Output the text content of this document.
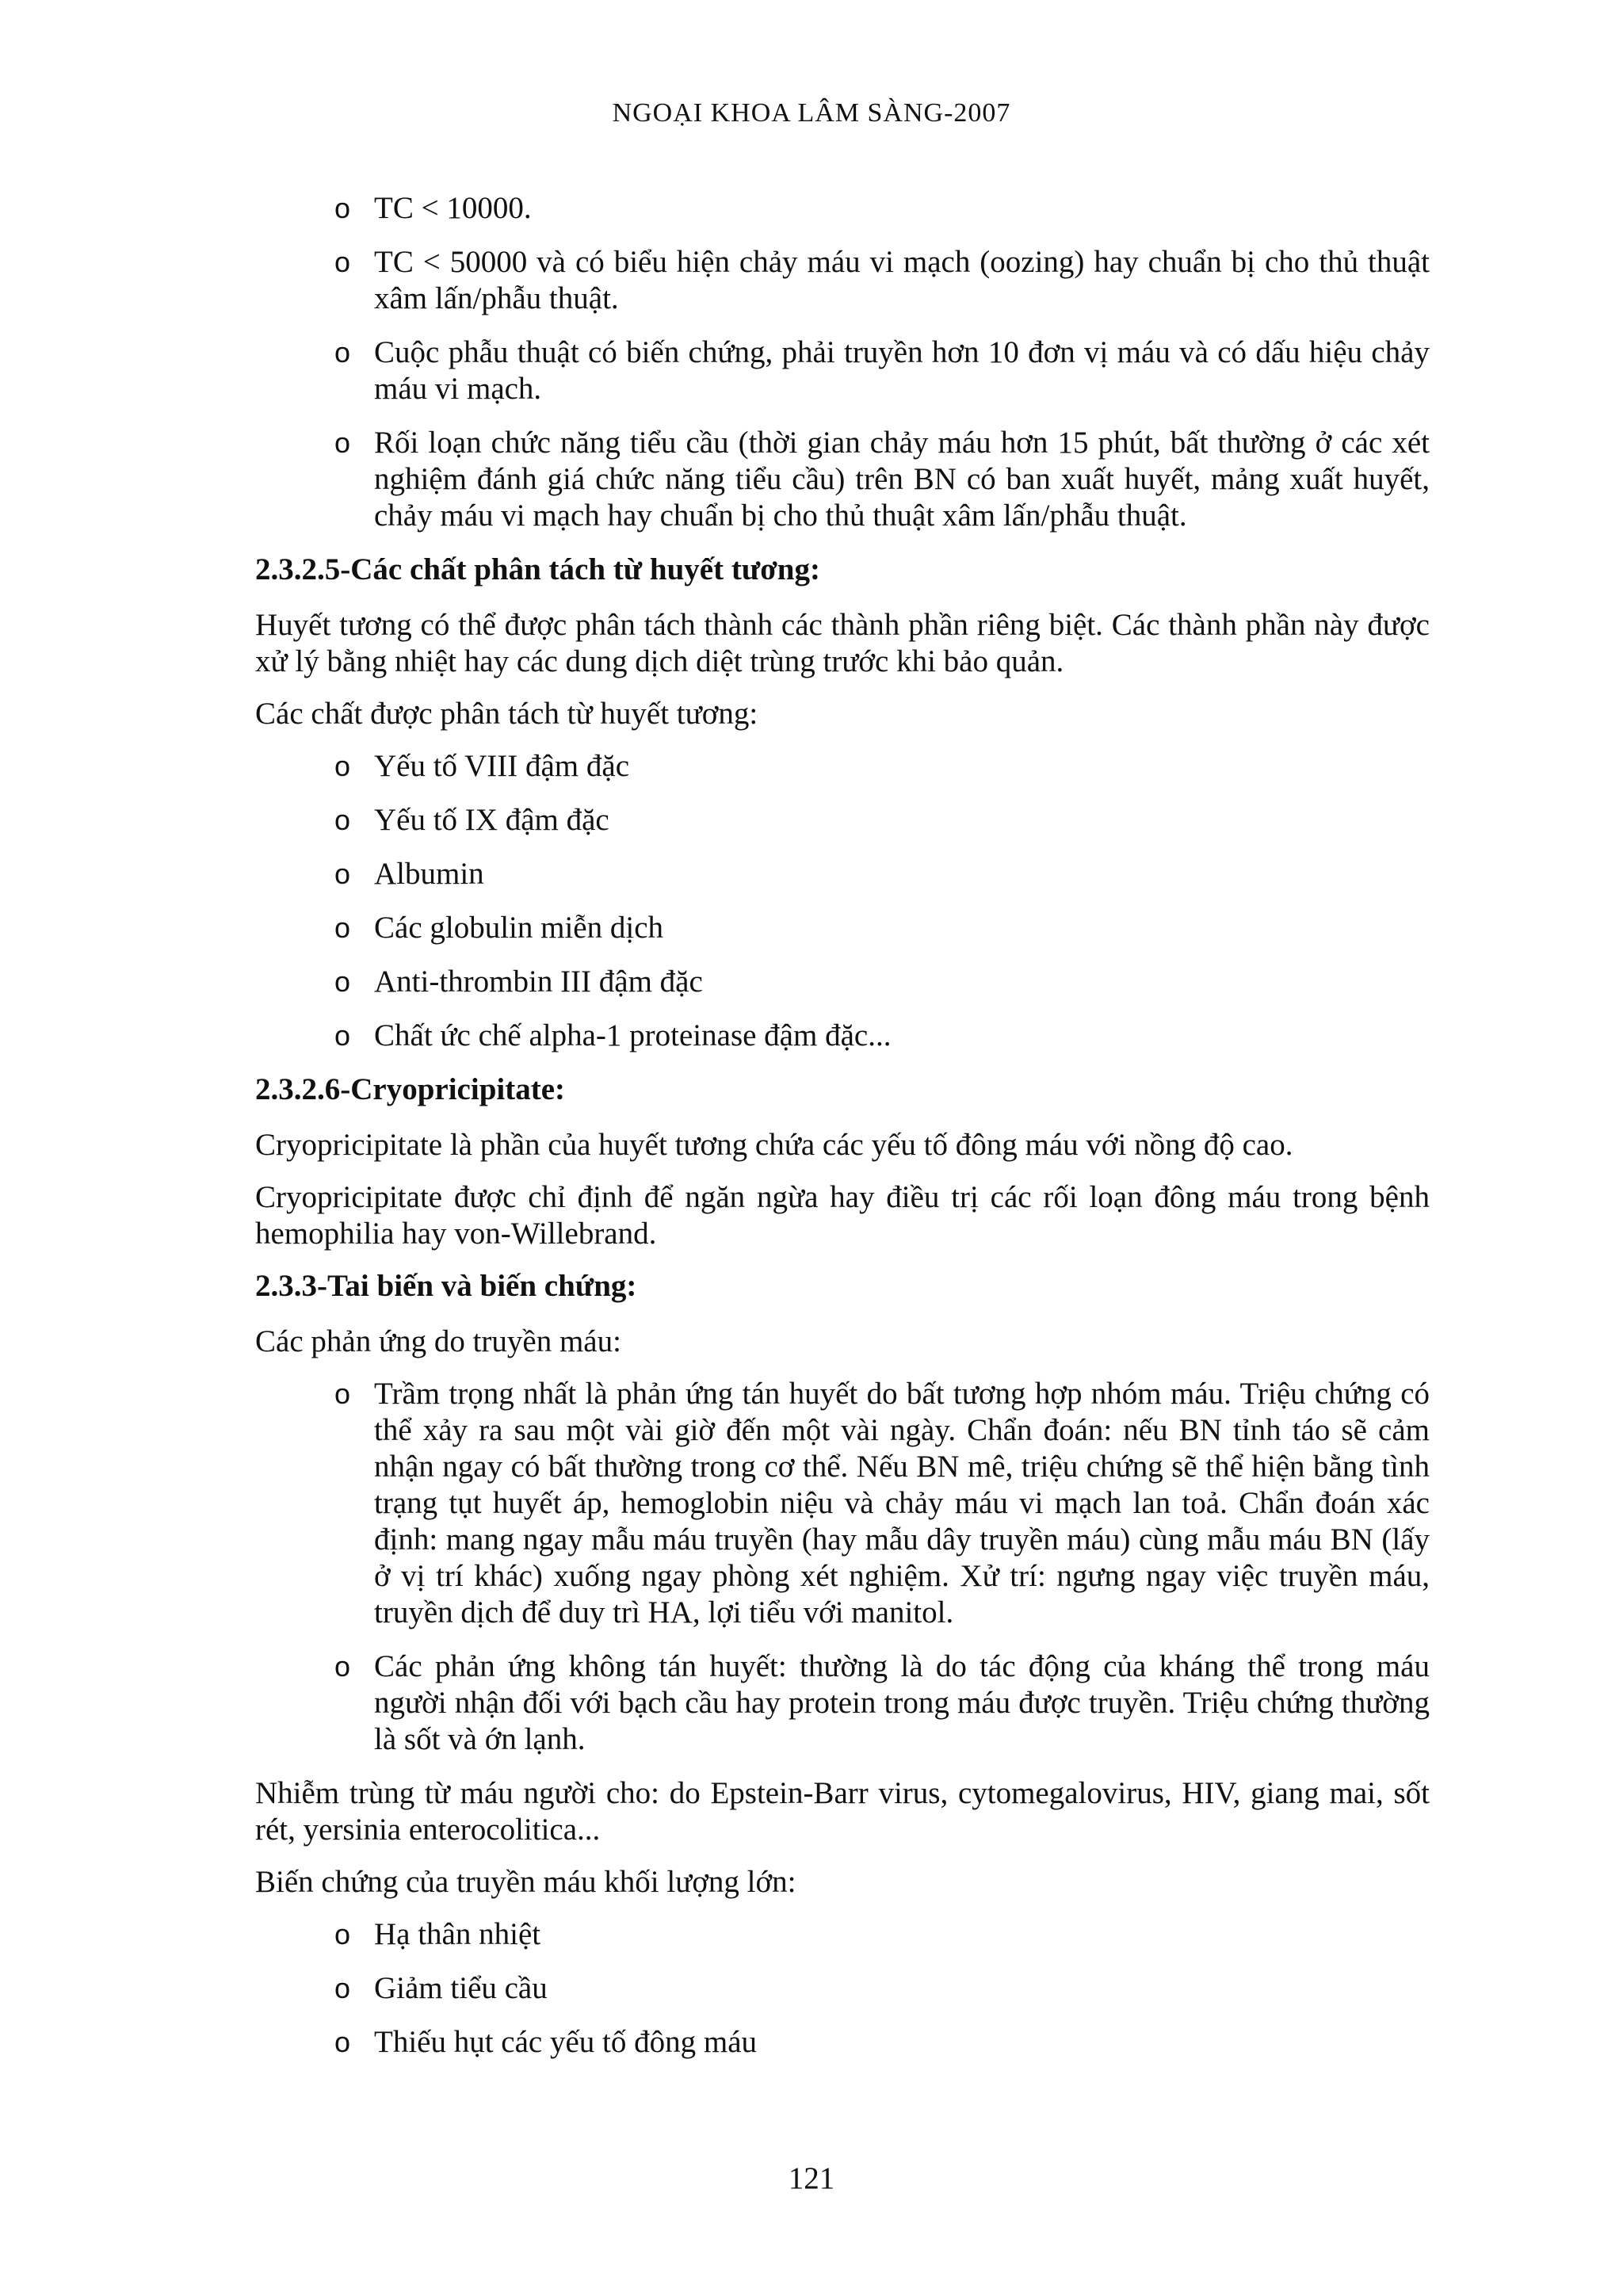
NGOẠI KHOA LÂM SÀNG-2007
o TC < 10000.
o TC < 50000 và có biểu hiện chảy máu vi mạch (oozing) hay chuẩn bị cho thủ thuật xâm lấn/phẫu thuật.
o Cuộc phẫu thuật có biến chứng, phải truyền hơn 10 đơn vị máu và có dấu hiệu chảy máu vi mạch.
o Rối loạn chức năng tiểu cầu (thời gian chảy máu hơn 15 phút, bất thường ở các xét nghiệm đánh giá chức năng tiểu cầu) trên BN có ban xuất huyết, mảng xuất huyết, chảy máu vi mạch hay chuẩn bị cho thủ thuật xâm lấn/phẫu thuật.
2.3.2.5-Các chất phân tách từ huyết tương:

Huyết tương có thể được phân tách thành các thành phần riêng biệt. Các thành phần này được xử lý bằng nhiệt hay các dung dịch diệt trùng trước khi bảo quản.

Các chất được phân tách từ huyết tương:

o Yếu tố VIII đậm đặc
o Yếu tố IX đậm đặc
o Albumin
o Các globulin miễn dịch
o Anti-thrombin III đậm đặc
o Chất ức chế alpha-1 proteinase đậm đặc...
2.3.2.6-Cryopricipitate:

Cryopricipitate là phần của huyết tương chứa các yếu tố đông máu với nồng độ cao.

Cryopricipitate được chỉ định để ngăn ngừa hay điều trị các rối loạn đông máu trong bệnh hemophilia hay von-Willebrand.

2.3.3-Tai biến và biến chứng:

Các phản ứng do truyền máu:

o Trầm trọng nhất là phản ứng tán huyết do bất tương hợp nhóm máu. Triệu chứng có thể xảy ra sau một vài giờ đến một vài ngày. Chẩn đoán: nếu BN tỉnh táo sẽ cảm nhận ngay có bất thường trong cơ thể. Nếu BN mê, triệu chứng sẽ thể hiện bằng tình trạng tụt huyết áp, hemoglobin niệu và chảy máu vi mạch lan toả. Chẩn đoán xác định: mang ngay mẫu máu truyền (hay mẫu dây truyền máu) cùng mẫu máu BN (lấy ở vị trí khác) xuống ngay phòng xét nghiệm. Xử trí: ngưng ngay việc truyền máu, truyền dịch để duy trì HA, lợi tiểu với manitol.
o Các phản ứng không tán huyết: thường là do tác động của kháng thể trong máu người nhận đối với bạch cầu hay protein trong máu được truyền. Triệu chứng thường là sốt và ớn lạnh.

Nhiễm trùng từ máu người cho: do Epstein-Barr virus, cytomegalovirus, HIV, giang mai, sốt rét, yersinia enterocolitica...

Biến chứng của truyền máu khối lượng lớn:

o Hạ thân nhiệt
o Giảm tiểu cầu
o Thiếu hụt các yếu tố đông máu
121
